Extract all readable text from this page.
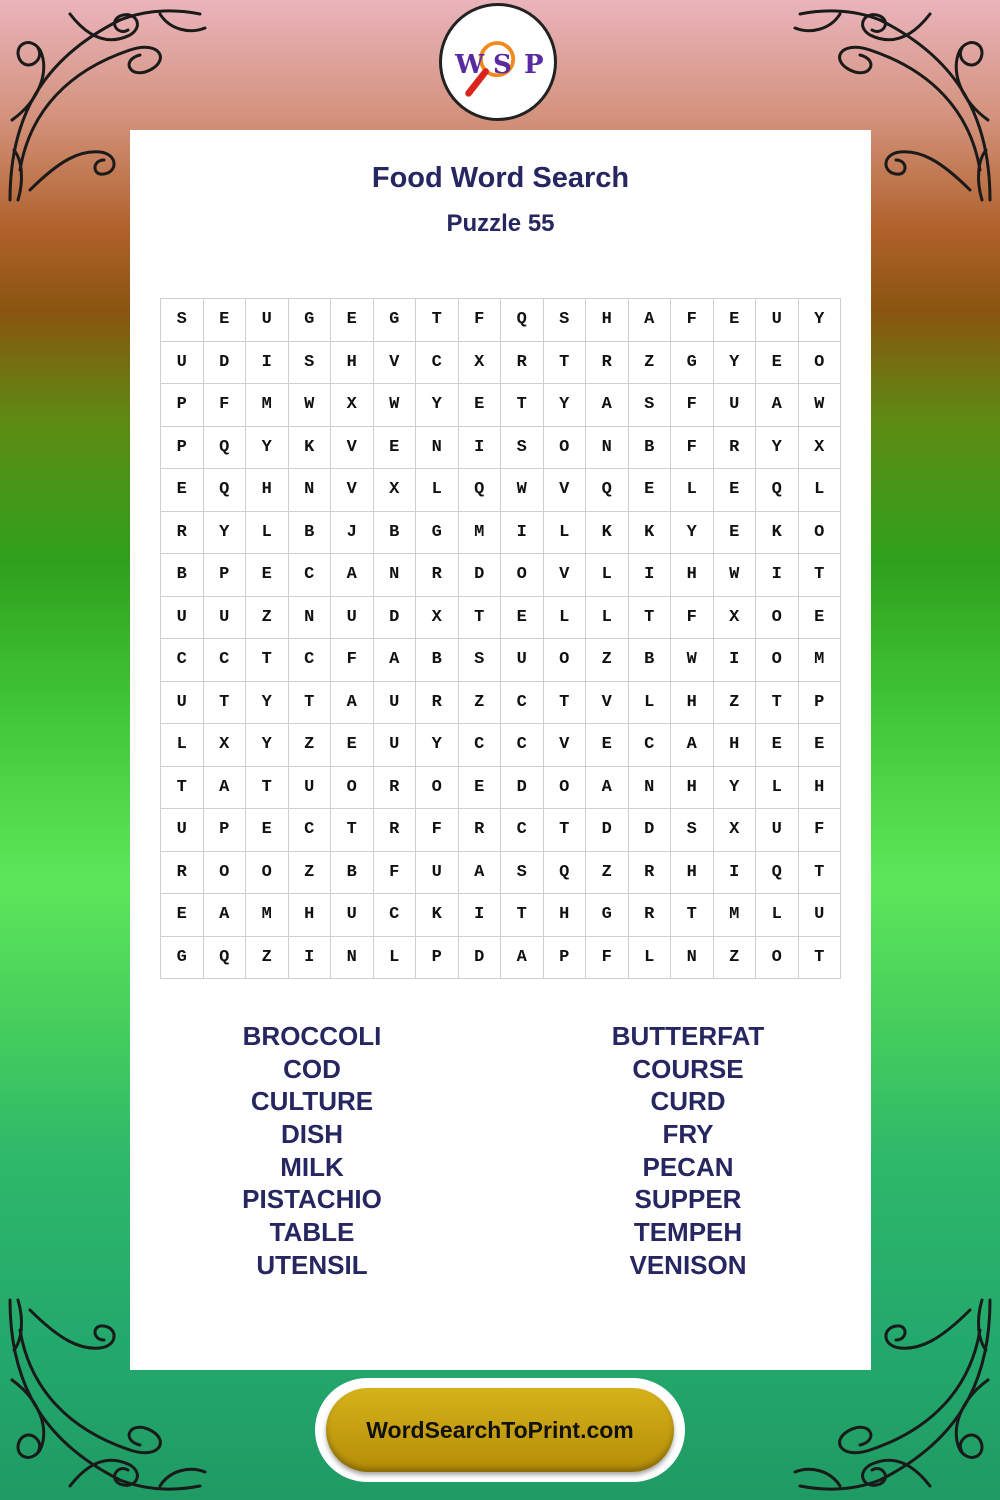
W S P
Food Word Search
Puzzle 55
S	E	U	G	E	G	T	F	Q	S	H	A	F	E	U	Y
U	D	I	S	H	V	C	X	R	T	R	Z	G	Y	E	O
P	F	M	W	X	W	Y	E	T	Y	A	S	F	U	A	W
P	Q	Y	K	V	E	N	I	S	O	N	B	F	R	Y	X
E	Q	H	N	V	X	L	Q	W	V	Q	E	L	E	Q	L
R	Y	L	B	J	B	G	M	I	L	K	K	Y	E	K	O
B	P	E	C	A	N	R	D	O	V	L	I	H	W	I	T
U	U	Z	N	U	D	X	T	E	L	L	T	F	X	O	E
C	C	T	C	F	A	B	S	U	O	Z	B	W	I	O	M
U	T	Y	T	A	U	R	Z	C	T	V	L	H	Z	T	P
L	X	Y	Z	E	U	Y	C	C	V	E	C	A	H	E	E
T	A	T	U	O	R	O	E	D	O	A	N	H	Y	L	H
U	P	E	C	T	R	F	R	C	T	D	D	S	X	U	F
R	O	O	Z	B	F	U	A	S	Q	Z	R	H	I	Q	T
E	A	M	H	U	C	K	I	T	H	G	R	T	M	L	U
G	Q	Z	I	N	L	P	D	A	P	F	L	N	Z	O	T
BROCCOLI
COD
CULTURE
DISH
MILK
PISTACHIO
TABLE
UTENSIL
BUTTERFAT
COURSE
CURD
FRY
PECAN
SUPPER
TEMPEH
VENISON
WordSearchToPrint.com
